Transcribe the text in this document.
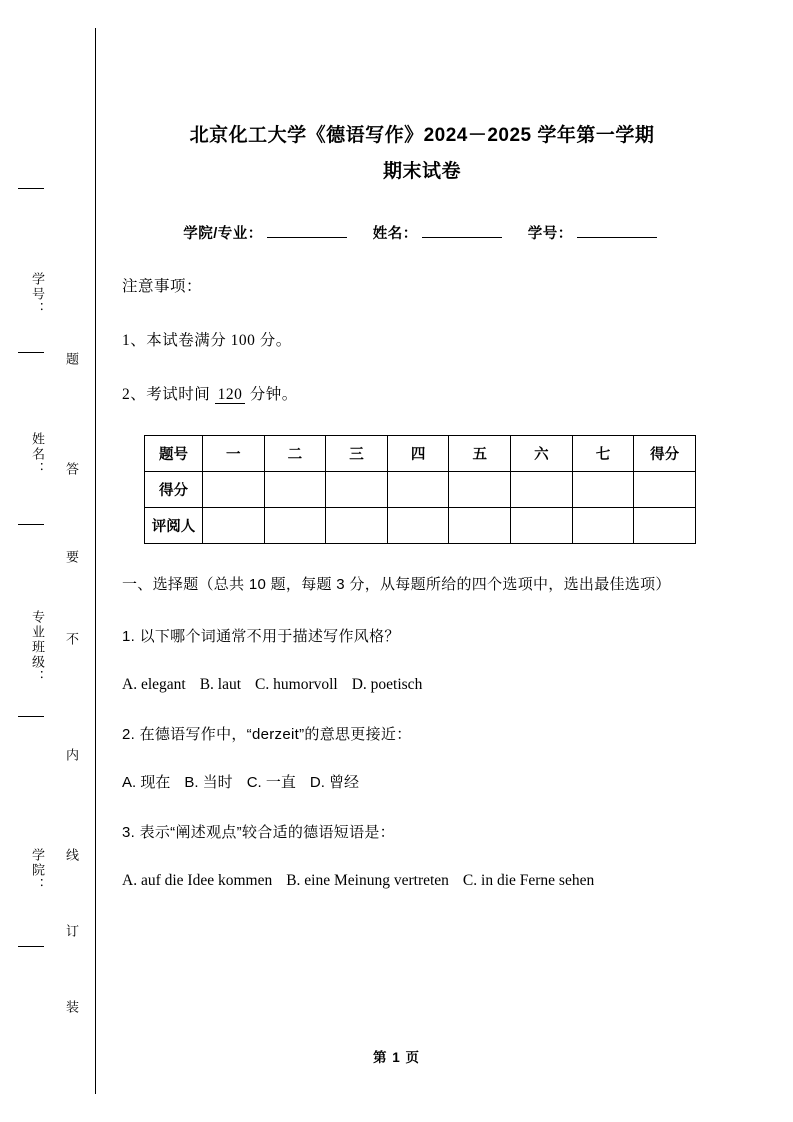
学号：
姓名：
专业班级：
学院：
题
答
要
不
内
线
订
装
北京化工大学《德语写作》2024－2025 学年第一学期
期末试卷
学院/专业：	姓名：	学号：
注意事项：
1、本试卷满分 100 分。
2、考试时间 120 分钟。
题号	一	二	三	四	五	六	七	得分
得分								
评阅人								
一、选择题（总共 10 题，每题 3 分，从每题所给的四个选项中，选出最佳选项）
1. 以下哪个词通常不用于描述写作风格？
A. elegant B. laut C. humorvoll D. poetisch
2. 在德语写作中，“derzeit”的意思更接近：
A. 现在 B. 当时 C. 一直 D. 曾经
3. 表示“阐述观点”较合适的德语短语是：
A. auf die Idee kommen B. eine Meinung vertreten C. in die Ferne sehen
第 1 页
